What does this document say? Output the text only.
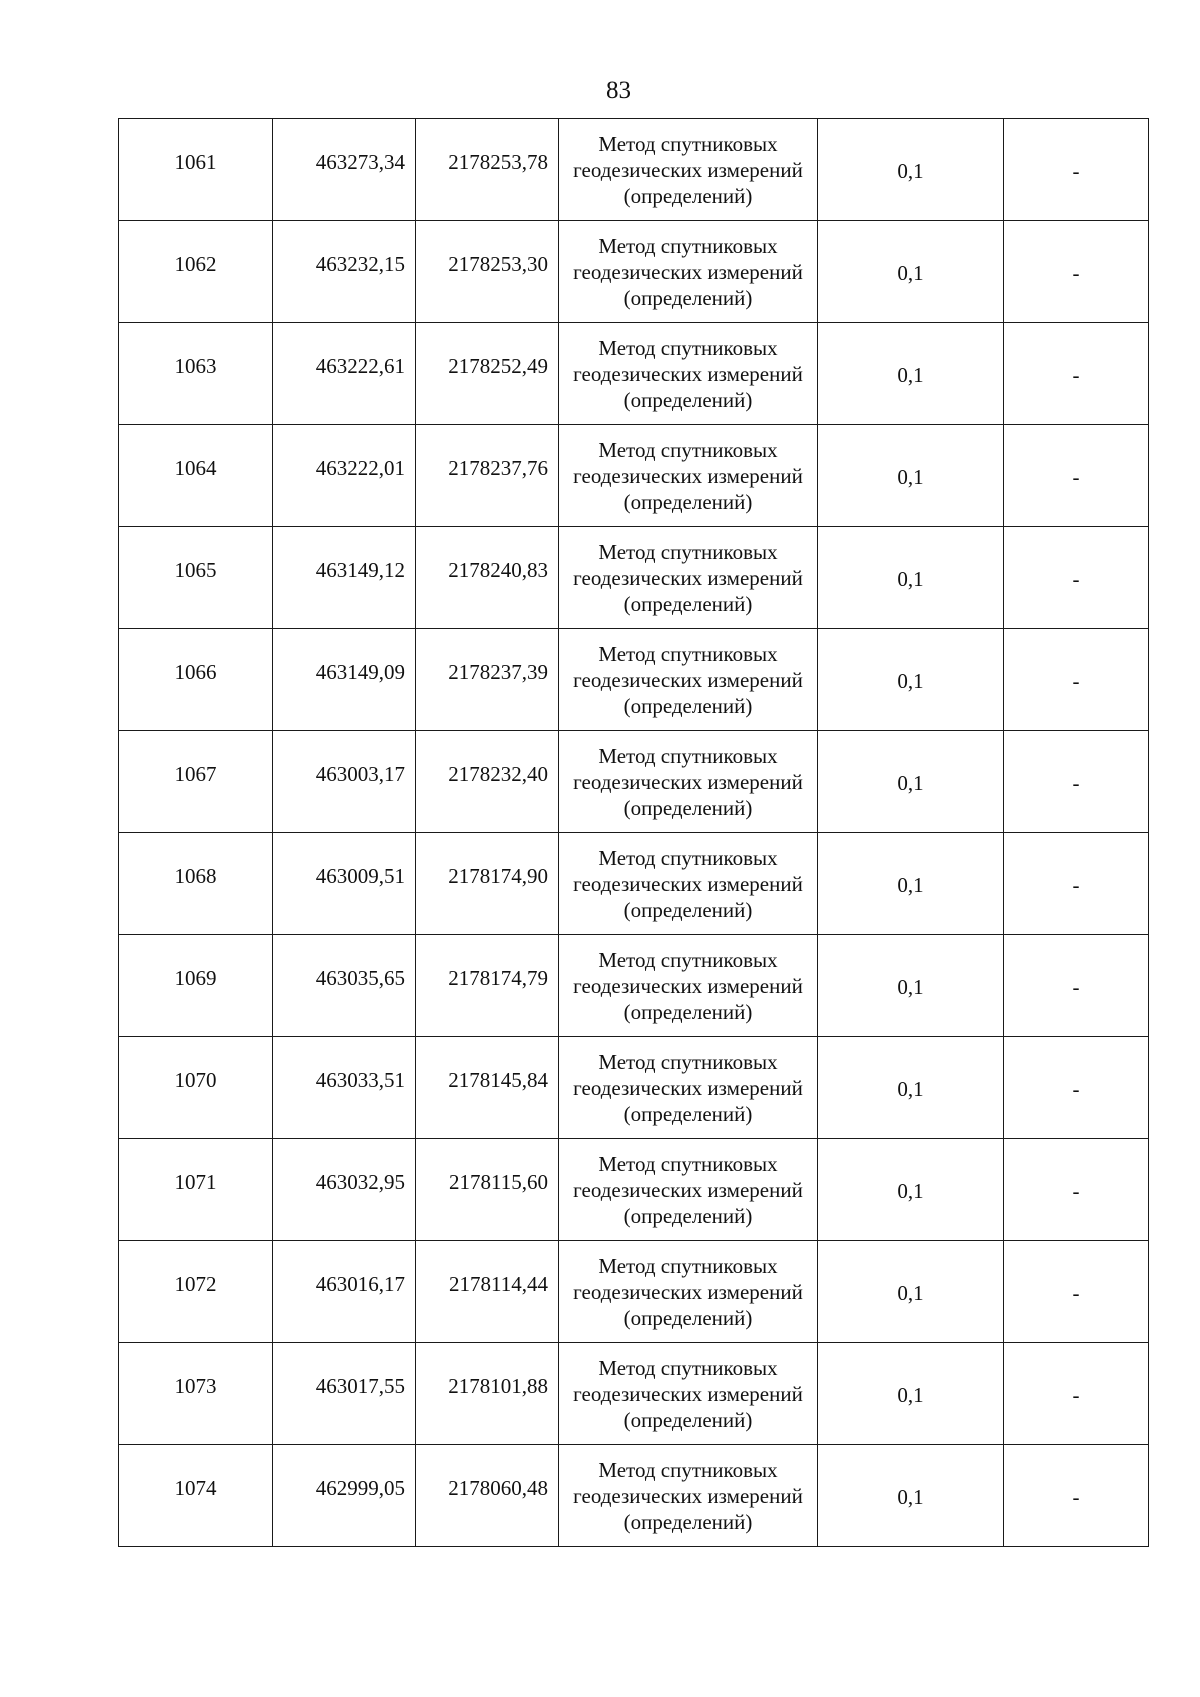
83
1061	463273,34	2178253,78	Метод спутниковых
геодезических измерений
(определений)	0,1	-
1062	463232,15	2178253,30	Метод спутниковых
геодезических измерений
(определений)	0,1	-
1063	463222,61	2178252,49	Метод спутниковых
геодезических измерений
(определений)	0,1	-
1064	463222,01	2178237,76	Метод спутниковых
геодезических измерений
(определений)	0,1	-
1065	463149,12	2178240,83	Метод спутниковых
геодезических измерений
(определений)	0,1	-
1066	463149,09	2178237,39	Метод спутниковых
геодезических измерений
(определений)	0,1	-
1067	463003,17	2178232,40	Метод спутниковых
геодезических измерений
(определений)	0,1	-
1068	463009,51	2178174,90	Метод спутниковых
геодезических измерений
(определений)	0,1	-
1069	463035,65	2178174,79	Метод спутниковых
геодезических измерений
(определений)	0,1	-
1070	463033,51	2178145,84	Метод спутниковых
геодезических измерений
(определений)	0,1	-
1071	463032,95	2178115,60	Метод спутниковых
геодезических измерений
(определений)	0,1	-
1072	463016,17	2178114,44	Метод спутниковых
геодезических измерений
(определений)	0,1	-
1073	463017,55	2178101,88	Метод спутниковых
геодезических измерений
(определений)	0,1	-
1074	462999,05	2178060,48	Метод спутниковых
геодезических измерений
(определений)	0,1	-
